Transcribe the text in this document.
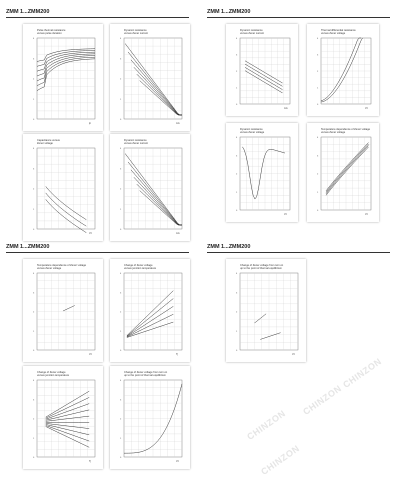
ZMM 1...ZMM200	ZMM 1...ZMM200
ZMM 1...ZMM200	ZMM 1...ZMM200
Pulse thermal resistance
versus pulse duration
0
1
2
3
4
tp
Dynamic resistance
versus Zener current
0
1
2
3
4
mA
Capacitance versus
Zener voltage
0
1
2
3
4
Vz
Dynamic resistance
versus Zener current
0
1
2
3
4
mA
Dynamic resistance
versus Zener current
0
1
2
3
4
mA
Thermal differential resistance
versus Zener voltage
0
1
2
3
4
Vz
Dynamic resistance
versus Zener voltage
0
1
2
3
4
Vz
Temperature dependence of Zener voltage
versus Zener voltage
0
1
2
3
4
Vz
Temperature dependence of Zener voltage
versus Zener voltage
0
1
2
3
4
Vz
Change of Zener voltage
versus junction temperature
0
1
2
3
4
Tj
Change of Zener voltage
versus junction temperature
0
1
2
3
4
Tj
Change of Zener voltage from turn on
up to the point of thermal equilibrium
0
1
2
3
4
Vz
Change of Zener voltage from turn on
up to the point of thermal equilibrium
0
1
2
3
4
Vz
CHINZON
CHINZON
CHINZON
CHINZON
